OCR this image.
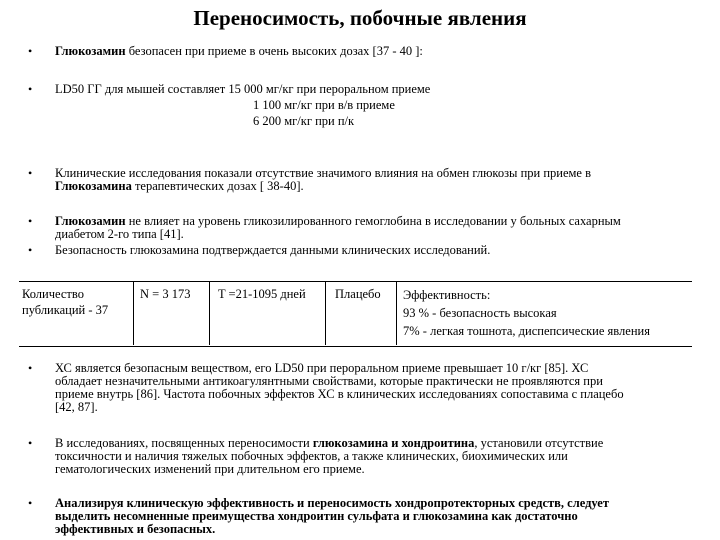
Переносимость, побочные явления
• Глюкозамин безопасен при приеме в очень высоких дозах [37 - 40 ]:
• LD50 ГГ для мышей составляет 15 000 мг/кг при пероральном приеме
1 100 мг/кг при в/в приеме
6 200 мг/кг при п/к
• Клинические исследования показали отсутствие значимого влияния на обмен глюкозы при приеме в
Глюкозамина терапевтических дозах [ 38-40].
• Глюкозамин не влияет на уровень гликозилированного гемоглобина в исследовании у больных сахарным
диабетом 2-го типа [41].
• Безопасность глюкозамина подтверждается данными клинических исследований.
Количество
публикаций - 37
N = 3 173 T =21-1095 дней Плацебо Эффективность:
93 % - безопасность высокая
7% - легкая тошнота, диспепсические явления
• ХС является безопасным веществом, его LD50 при пероральном приеме превышает 10 г/кг [85]. ХС
обладает незначительными антикоагулянтными свойствами, которые практически не проявляются при
приеме внутрь [86]. Частота побочных эффектов ХС в клинических исследованиях сопоставима с плацебо
[42, 87].
• В исследованиях, посвященных переносимости глюкозамина и хондроитина, установили отсутствие
токсичности и наличия тяжелых побочных эффектов, а также клинических, биохимических или
гематологических изменений при длительном его приеме.
• Анализируя клиническую эффективность и переносимость хондропротекторных средств, следует
выделить несомненные преимущества хондроитин сульфата и глюкозамина как достаточно
эффективных и безопасных.
